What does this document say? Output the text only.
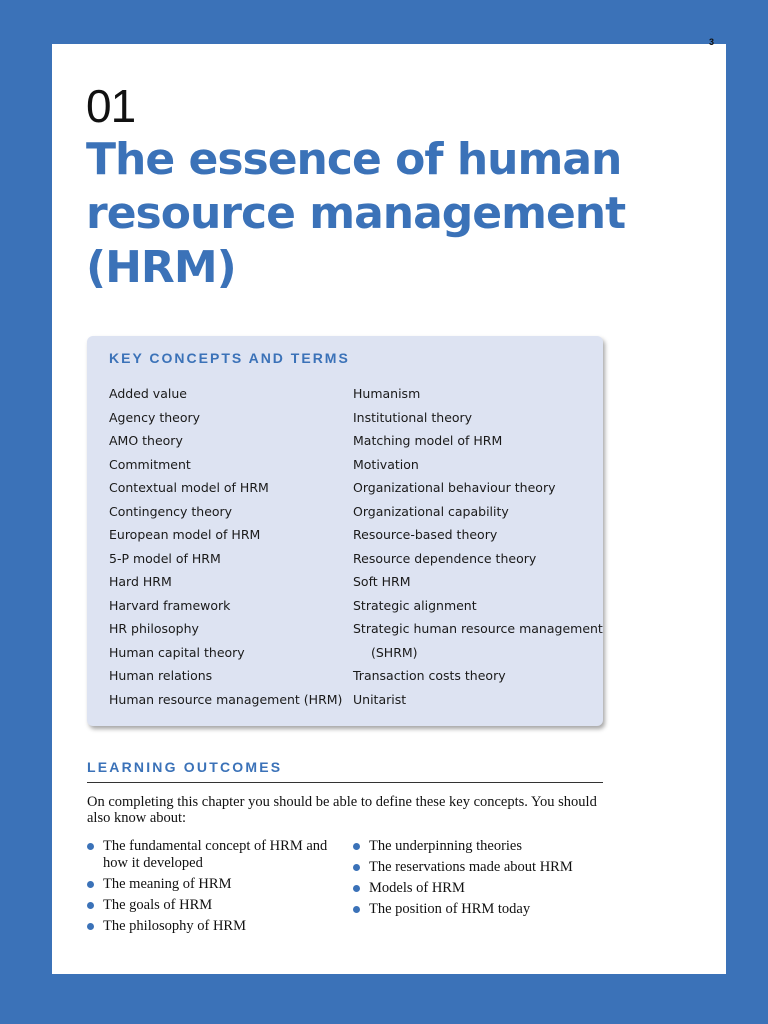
3
01
The essence of human resource management (HRM)
KEY CONCEPTS AND TERMS
Added value
Agency theory
AMO theory
Commitment
Contextual model of HRM
Contingency theory
European model of HRM
5-P model of HRM
Hard HRM
Harvard framework
HR philosophy
Human capital theory
Human relations
Human resource management (HRM)
Humanism
Institutional theory
Matching model of HRM
Motivation
Organizational behaviour theory
Organizational capability
Resource-based theory
Resource dependence theory
Soft HRM
Strategic alignment
Strategic human resource management
(SHRM)
Transaction costs theory
Unitarist
LEARNING OUTCOMES

On completing this chapter you should be able to define these key concepts. You should also know about:

The fundamental concept of HRM and how it developed
The meaning of HRM
The goals of HRM
The philosophy of HRM
The underpinning theories
The reservations made about HRM
Models of HRM
The position of HRM today
